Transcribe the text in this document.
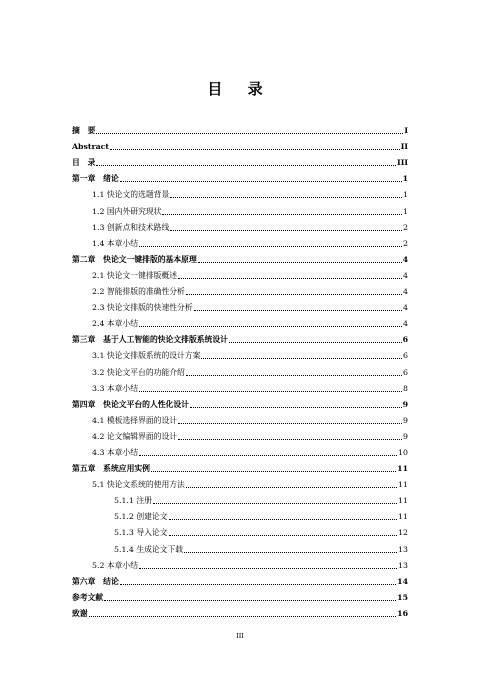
目 录
摘　要	I
Abstract	II
目　录	III
第一章　绪论	1
1.1 快论文的选题背景	1
1.2 国内外研究现状	1
1.3 创新点和技术路线	2
1.4 本章小结	2
第二章　快论文一键排版的基本原理	4
2.1 快论文一键排版概述	4
2.2 智能排版的准确性分析	4
2.3 快论文排版的快速性分析	4
2.4 本章小结	4
第三章　基于人工智能的快论文排版系统设计	6
3.1 快论文排版系统的设计方案	6
3.2 快论文平台的功能介绍	6
3.3 本章小结	8
第四章　快论文平台的人性化设计	9
4.1 模板选择界面的设计	9
4.2 论文编辑界面的设计	9
4.3 本章小结	10
第五章　系统应用实例	11
5.1 快论文系统的使用方法	11
5.1.1 注册	11
5.1.2 创建论文	11
5.1.3 导入论文	12
5.1.4 生成论文下载	13
5.2 本章小结	13
第六章　结论	14
参考文献	15
致谢	16
III
